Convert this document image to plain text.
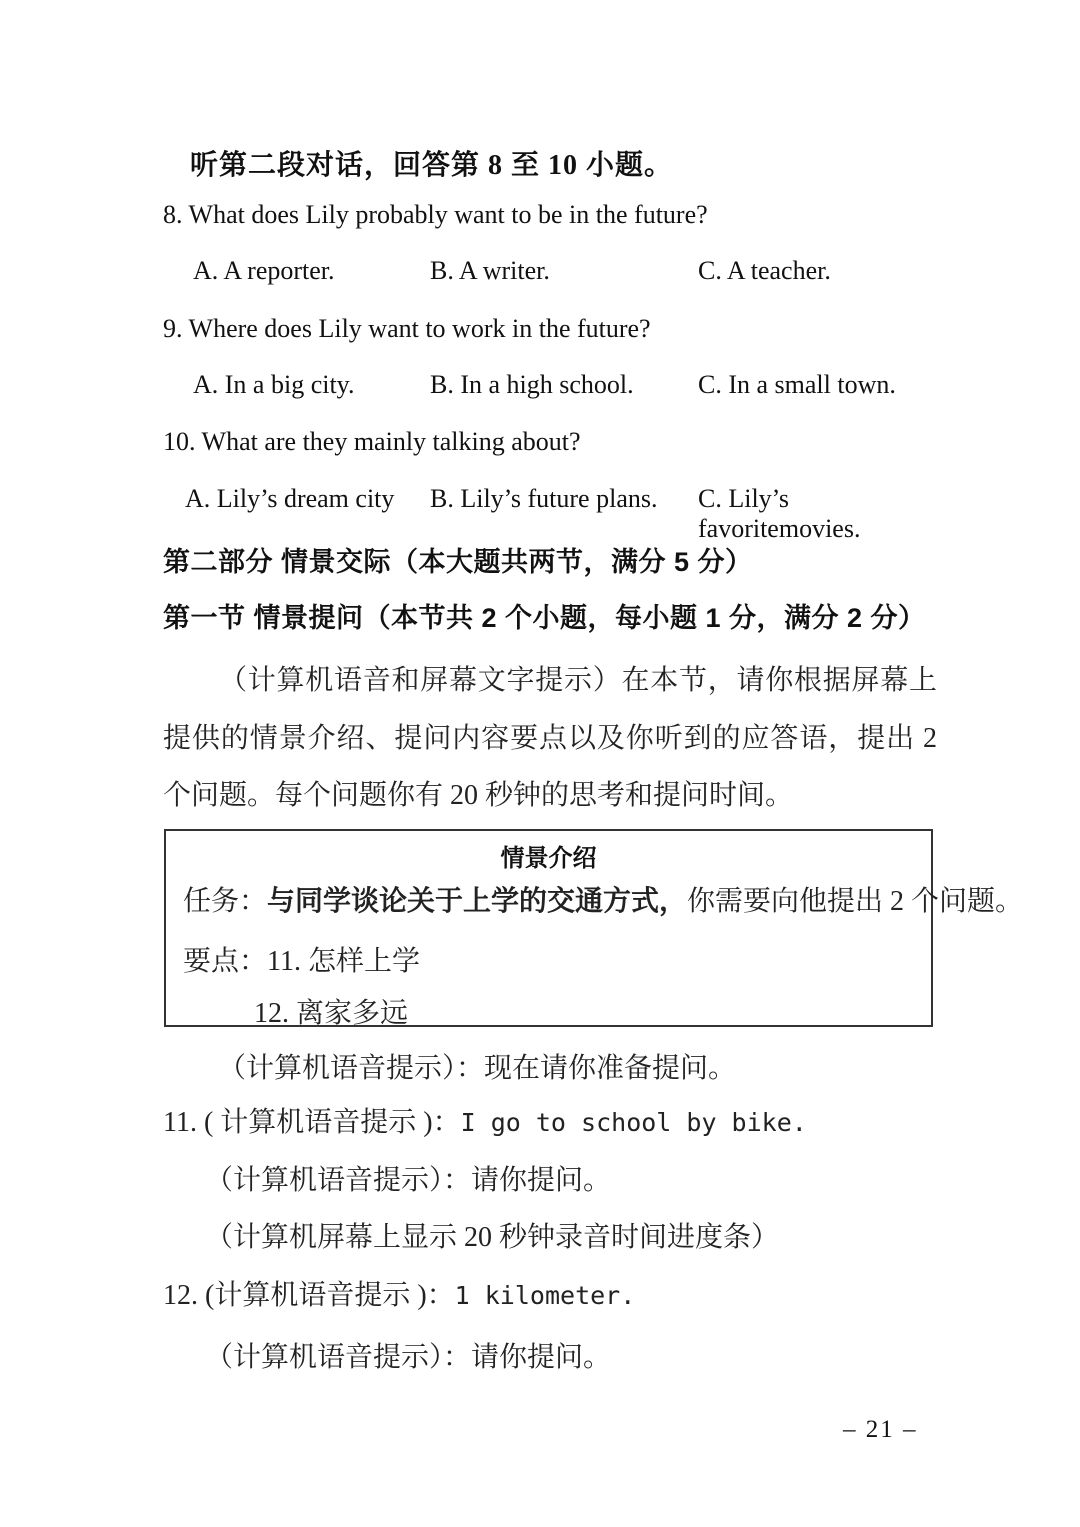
听第二段对话，回答第 8 至 10 小题。
8. What does Lily probably want to be in the future?
A. A reporter.	B. A writer.	C. A teacher.
9. Where does Lily want to work in the future?
A. In a big city.	B. In a high school. C. In a small town.
10. What are they mainly talking about?
A. Lily’s dream city B. Lily’s future plans. C. Lily’s favoritemovies.
第二部分 情景交际（本大题共两节，满分 5 分）
第一节 情景提问（本节共 2 个小题，每小题 1 分，满分 2 分）
（计算机语音和屏幕文字提示）在本节，请你根据屏幕上提供的情景介绍、提问内容要点以及你听到的应答语，提出 2 个问题。每个问题你有 20 秒钟的思考和提问时间。
情景介绍
任务：与同学谈论关于上学的交通方式，你需要向他提出 2 个问题。
要点：11. 怎样上学
12. 离家多远
（计算机语音提示）：现在请你准备提问。
11. ( 计算机语音提示 )：I go to school by bike.
（计算机语音提示）：请你提问。
（计算机屏幕上显示 20 秒钟录音时间进度条）
12. (计算机语音提示 )：1 kilometer.
（计算机语音提示）：请你提问。
– 21 –
